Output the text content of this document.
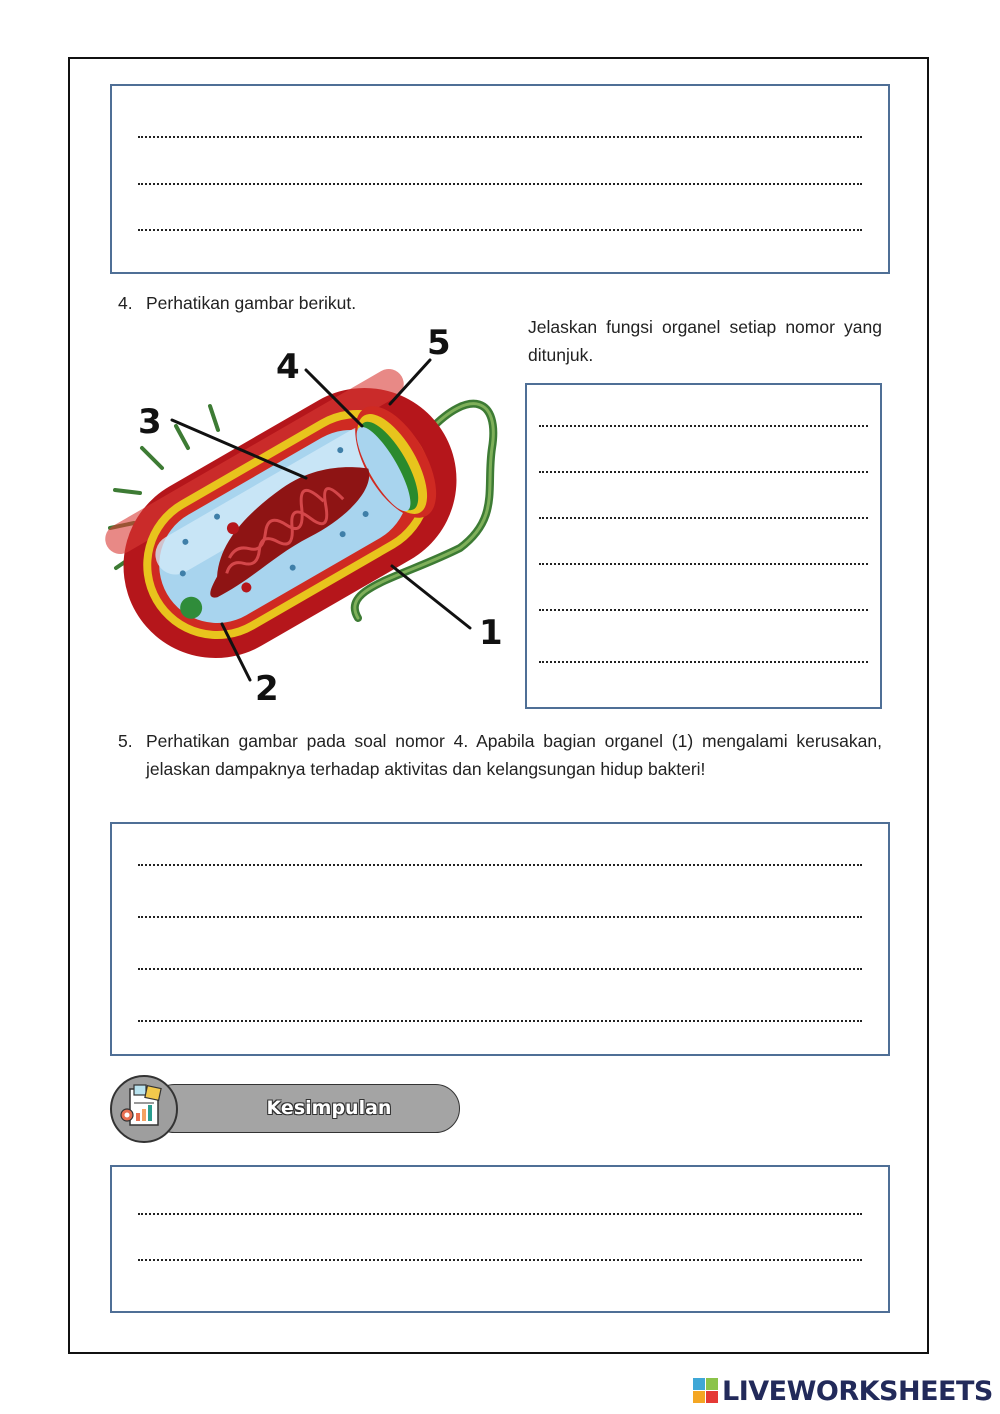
4. Perhatikan gambar berikut.
Jelaskan fungsi organel setiap nomor yang ditunjuk.
1
2
3
4
5
5. Perhatikan gambar pada soal nomor 4. Apabila bagian organel (1) mengalami kerusakan, jelaskan dampaknya terhadap aktivitas dan kelangsungan hidup bakteri!
Kesimpulan
LIVEWORKSHEETS
